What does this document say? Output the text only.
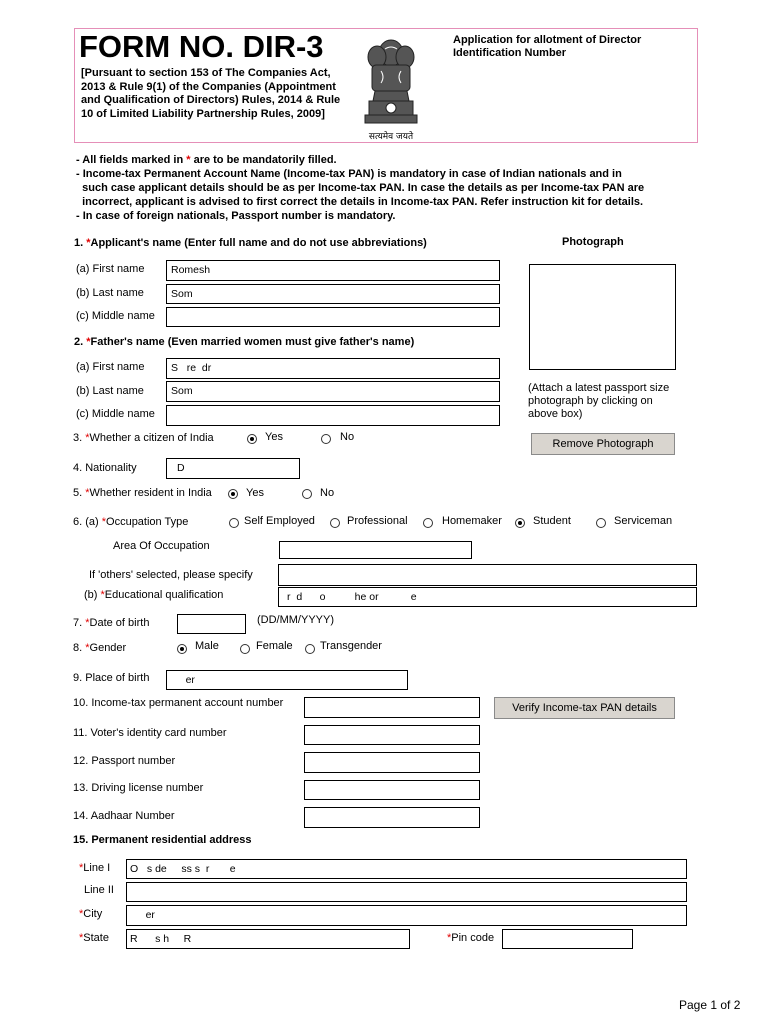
FORM NO. DIR-3
[Pursuant to section 153 of The Companies Act,
2013 & Rule 9(1) of the Companies (Appointment
and Qualification of Directors) Rules, 2014 & Rule
10 of Limited Liability Partnership Rules, 2009]
सत्यमेव जयते
Application for allotment of Director
Identification Number
- All fields marked in * are to be mandatorily filled.
- Income-tax Permanent Account Name (Income-tax PAN) is mandatory in case of Indian nationals and in
such case applicant details should be as per Income-tax PAN. In case the details as per Income-tax PAN are
incorrect, applicant is advised to first correct the details in Income-tax PAN. Refer instruction kit for details.
- In case of foreign nationals, Passport number is mandatory.
1. *Applicant's name (Enter full name and do not use abbreviations)
(a) First name	Romesh
(b) Last name	Som
(c) Middle name
Photograph
(Attach a latest passport size
photograph by clicking on
above box)
Remove Photograph
2. *Father's name (Even married women must give father's name)
(a) First name	S   re  dr
(b) Last name	Som
(c) Middle name
3. *Whether a citizen of India	Yes	No
4. Nationality	D
5. *Whether resident in India	Yes	No
6. (a) *Occupation Type	Self Employed	Professional	Homemaker	Student	Serviceman
Area Of Occupation
If 'others' selected, please specify
(b) *Educational qualification	r  d      o          he or           e
7. *Date of birth	(DD/MM/YYYY)
8. *Gender	Male	Female Transgender
9. Place of birth	er
10. Income-tax permanent account number	Verify Income-tax PAN details
11. Voter's identity card number
12. Passport number
13. Driving license number
14. Aadhaar Number
15. Permanent residential address
*Line I	O   s de     ss s  r       e
Line II
*City	er
*State	R      s h     R	*Pin code
Page 1 of 2
